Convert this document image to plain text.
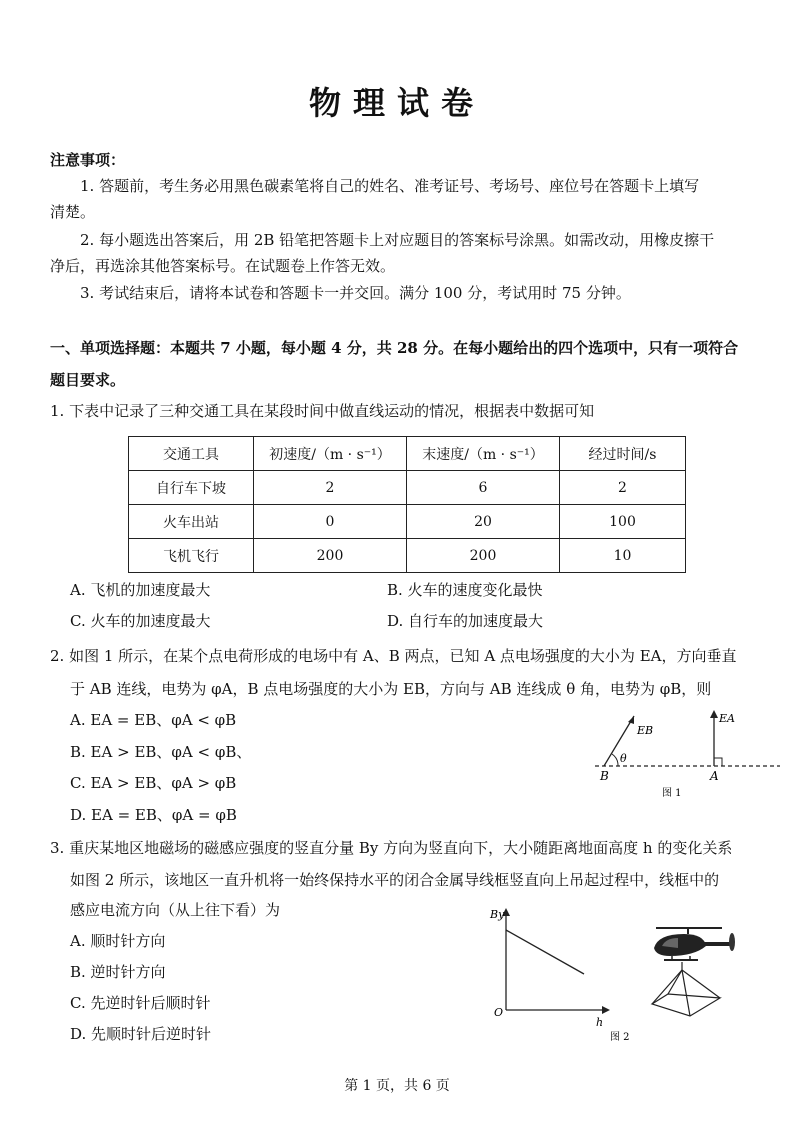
物理试卷
注意事项：
1. 答题前，考生务必用黑色碳素笔将自己的姓名、准考证号、考场号、座位号在答题卡上填写
清楚。
2. 每小题选出答案后，用 2B 铅笔把答题卡上对应题目的答案标号涂黑。如需改动，用橡皮擦干
净后，再选涂其他答案标号。在试题卷上作答无效。
3. 考试结束后，请将本试卷和答题卡一并交回。满分 100 分，考试用时 75 分钟。
一、单项选择题：本题共 7 小题，每小题 4 分，共 28 分。在每小题给出的四个选项中，只有一项符合
题目要求。
1. 下表中记录了三种交通工具在某段时间中做直线运动的情况，根据表中数据可知
交通工具	初速度/（m · s⁻¹）	末速度/（m · s⁻¹）	经过时间/s
自行车下坡	2	6	2
火车出站	0	20	100
飞机飞行	200	200	10
A. 飞机的加速度最大	B. 火车的速度变化最快
C. 火车的加速度最大	D. 自行车的加速度最大
2. 如图 1 所示，在某个点电荷形成的电场中有 A、B 两点，已知 A 点电场强度的大小为 EA，方向垂直
于 AB 连线，电势为 φA，B 点电场强度的大小为 EB，方向与 AB 连线成 θ 角，电势为 φB，则
A. EA = EB、φA < φB
B. EA > EB、φA < φB、
C. EA > EB、φA > φB
D. EA = EB、φA = φB
θ
EB
EA
B	A
图 1
3. 重庆某地区地磁场的磁感应强度的竖直分量 By 方向为竖直向下，大小随距离地面高度 h 的变化关系
如图 2 所示，该地区一直升机将一始终保持水平的闭合金属导线框竖直向上吊起过程中，线框中的
感应电流方向（从上往下看）为
A. 顺时针方向
B. 逆时针方向
C. 先逆时针后顺时针
D. 先顺时针后逆时针
By
h
O
图 2
第 1 页，共 6 页
